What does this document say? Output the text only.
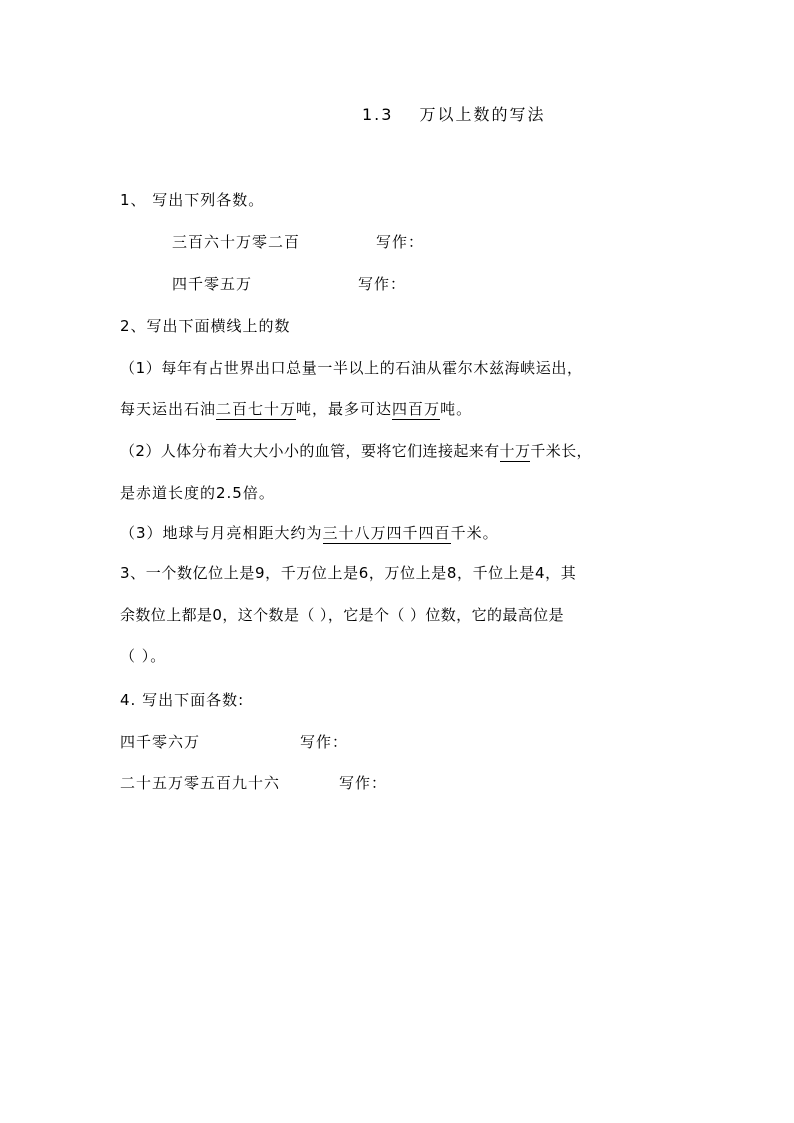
1.3 万以上数的写法
1、 写出下列各数。
三百六十万零二百	写作：
四千零五万	写作：
2、写出下面横线上的数
（1）每年有占世界出口总量一半以上的石油从霍尔木兹海峡运出，
每天运出石油二百七十万吨，最多可达四百万吨。
（2）人体分布着大大小小的血管，要将它们连接起来有十万千米长，
是赤道长度的2.5倍。
（3）地球与月亮相距大约为三十八万四千四百千米。
3、一个数亿位上是9，千万位上是6，万位上是8，千位上是4，其
余数位上都是0，这个数是（ ），它是个（ ）位数，它的最高位是
（ ）。
4. 写出下面各数:
四千零六万	写作：
二十五万零五百九十六	写作：
